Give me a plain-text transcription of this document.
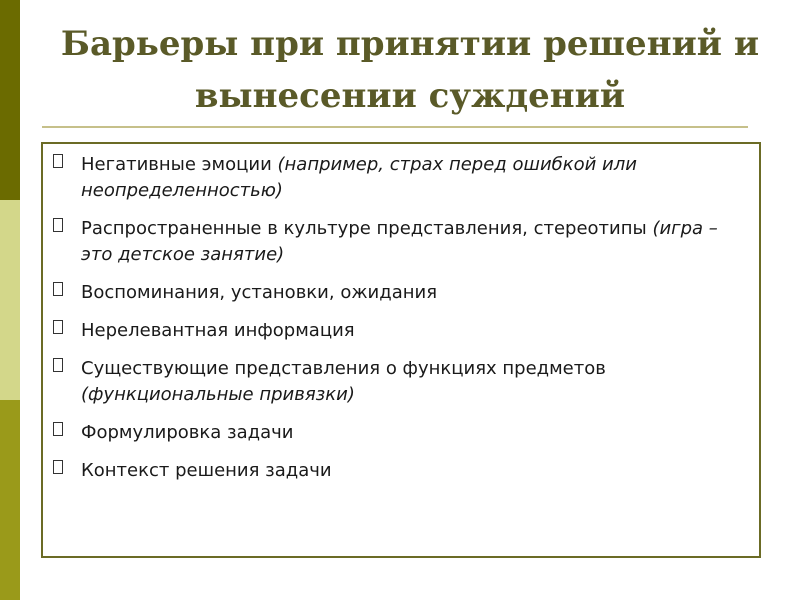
Барьеры при принятии решений и
вынесении суждений
Негативные эмоции (например, страх перед ошибкой или неопределенностью)
Распространенные в культуре представления, стереотипы (игра – это детское занятие)
Воспоминания, установки, ожидания
Нерелевантная информация
Существующие представления о функциях предметов (функциональные привязки)
Формулировка задачи
Контекст решения задачи
